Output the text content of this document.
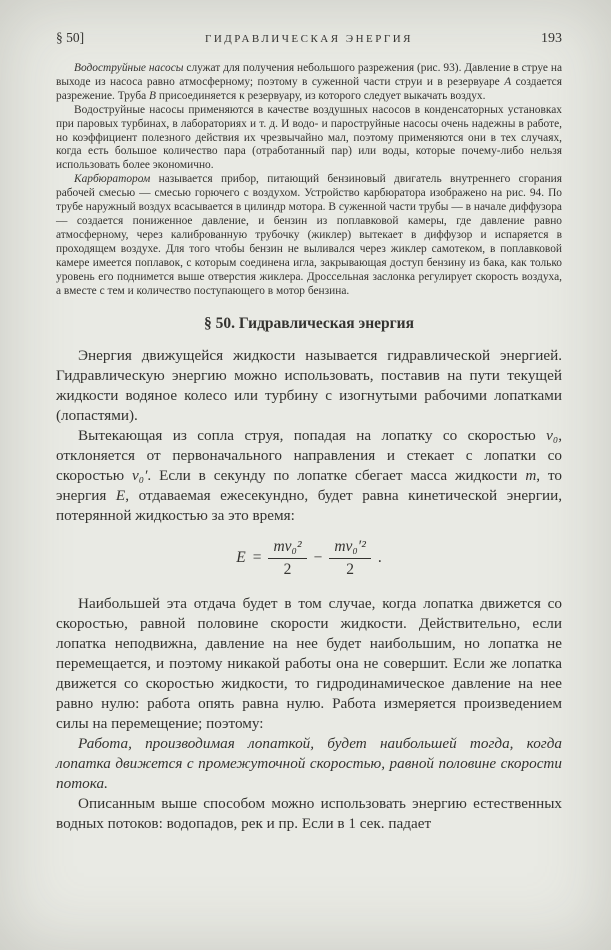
§ 50]	ГИДРАВЛИЧЕСКАЯ ЭНЕРГИЯ	193

Водоструйные насосы служат для получения небольшого разрежения (рис. 93). Давление в струе на выходе из насоса равно атмосферному; поэтому в суженной части струи и в резервуаре А создается разрежение. Труба В присоединяется к резервуару, из которого следует выкачать воздух.

Водоструйные насосы применяются в качестве воздушных насосов в конденсаторных установках при паровых турбинах, в лабораториях и т. д. И водо- и пароструйные насосы очень надежны в работе, но коэффициент полезного действия их чрезвычайно мал, поэтому применяются они в тех случаях, когда есть большое количество пара (отработанный пар) или воды, которые почему-либо нельзя использовать более экономично.

Карбюратором называется прибор, питающий бензиновый двигатель внутреннего сгорания рабочей смесью — смесью горючего с воздухом. Устройство карбюратора изображено на рис. 94. По трубе наружный воздух всасывается в цилиндр мотора. В суженной части трубы — в начале диффузора — создается пониженное давление, и бензин из поплавковой камеры, где давление равно атмосферному, через калиброванную трубочку (жиклер) вытекает в диффузор и испаряется в проходящем воздухе. Для того чтобы бензин не выливался через жиклер самотеком, в поплавковой камере имеется поплавок, с которым соединена игла, закрывающая доступ бензину из бака, как только уровень его поднимется выше отверстия жиклера. Дроссельная заслонка регулирует скорость воздуха, а вместе с тем и количество поступающего в мотор бензина.

§ 50. Гидравлическая энергия

Энергия движущейся жидкости называется гидравлической энергией. Гидравлическую энергию можно использовать, поставив на пути текущей жидкости водяное колесо или турбину с изогнутыми рабочими лопатками (лопастями).

Вытекающая из сопла струя, попадая на лопатку со скоростью v₀, отклоняется от первоначального направления и стекает с лопатки со скоростью v₀′. Если в секунду по лопатке сбегает масса жидкости m, то энергия E, отдаваемая ежесекундно, будет равна кинетической энергии, потерянной жидкостью за это время:

$E = \frac{\text{mv₀²}}{2} - \frac{\text{mv₀′²}}{2}$ .

Наибольшей эта отдача будет в том случае, когда лопатка движется со скоростью, равной половине скорости жидкости. Действительно, если лопатка неподвижна, давление на нее будет наибольшим, но лопатка не перемещается, и поэтому никакой работы она не совершит. Если же лопатка движется со скоростью жидкости, то гидродинамическое давление на нее равно нулю: работа опять равна нулю. Работа измеряется произведением силы на перемещение; поэтому:

Работа, производимая лопаткой, будет наибольшей тогда, когда лопатка движется с промежуточной скоростью, равной половине скорости потока.

Описанным выше способом можно использовать энергию естественных водных потоков: водопадов, рек и пр. Если в 1 сек. падает
